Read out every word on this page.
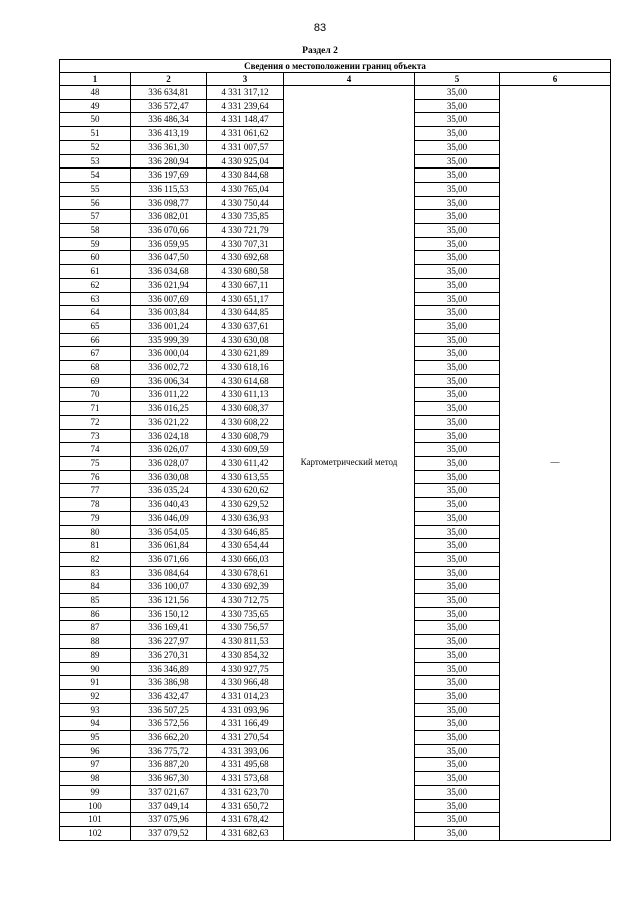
83
Раздел 2
Сведения о местоположении границ объекта					
1	2	3	4	5	6
48	336 634,81	4 331 317,12	Картометрический метод	35,00	—
49	336 572,47	4 331 239,64		35,00	
50	336 486,34	4 331 148,47		35,00	
51	336 413,19	4 331 061,62		35,00	
52	336 361,30	4 331 007,57		35,00	
53	336 280,94	4 330 925,04		35,00	
54	336 197,69	4 330 844,68		35,00	
55	336 115,53	4 330 765,04		35,00	
56	336 098,77	4 330 750,44		35,00	
57	336 082,01	4 330 735,85		35,00	
58	336 070,66	4 330 721,79		35,00	
59	336 059,95	4 330 707,31		35,00	
60	336 047,50	4 330 692,68		35,00	
61	336 034,68	4 330 680,58		35,00	
62	336 021,94	4 330 667,11		35,00	
63	336 007,69	4 330 651,17		35,00	
64	336 003,84	4 330 644,85		35,00	
65	336 001,24	4 330 637,61		35,00	
66	335 999,39	4 330 630,08		35,00	
67	336 000,04	4 330 621,89		35,00	
68	336 002,72	4 330 618,16		35,00	
69	336 006,34	4 330 614,68		35,00	
70	336 011,22	4 330 611,13		35,00	
71	336 016,25	4 330 608,37		35,00	
72	336 021,22	4 330 608,22		35,00	
73	336 024,18	4 330 608,79		35,00	
74	336 026,07	4 330 609,59		35,00	
75	336 028,07	4 330 611,42		35,00	
76	336 030,08	4 330 613,55		35,00	
77	336 035,24	4 330 620,62		35,00	
78	336 040,43	4 330 629,52		35,00	
79	336 046,09	4 330 636,93		35,00	
80	336 054,05	4 330 646,85		35,00	
81	336 061,84	4 330 654,44		35,00	
82	336 071,66	4 330 666,03		35,00	
83	336 084,64	4 330 678,61		35,00	
84	336 100,07	4 330 692,39		35,00	
85	336 121,56	4 330 712,75		35,00	
86	336 150,12	4 330 735,65		35,00	
87	336 169,41	4 330 756,57		35,00	
88	336 227,97	4 330 811,53		35,00	
89	336 270,31	4 330 854,32		35,00	
90	336 346,89	4 330 927,75		35,00	
91	336 386,98	4 330 966,48		35,00	
92	336 432,47	4 331 014,23		35,00	
93	336 507,25	4 331 093,96		35,00	
94	336 572,56	4 331 166,49		35,00	
95	336 662,20	4 331 270,54		35,00	
96	336 775,72	4 331 393,06		35,00	
97	336 887,20	4 331 495,68		35,00	
98	336 967,30	4 331 573,68		35,00	
99	337 021,67	4 331 623,70		35,00	
100	337 049,14	4 331 650,72		35,00	
101	337 075,96	4 331 678,42		35,00	
102	337 079,52	4 331 682,63		35,00	
